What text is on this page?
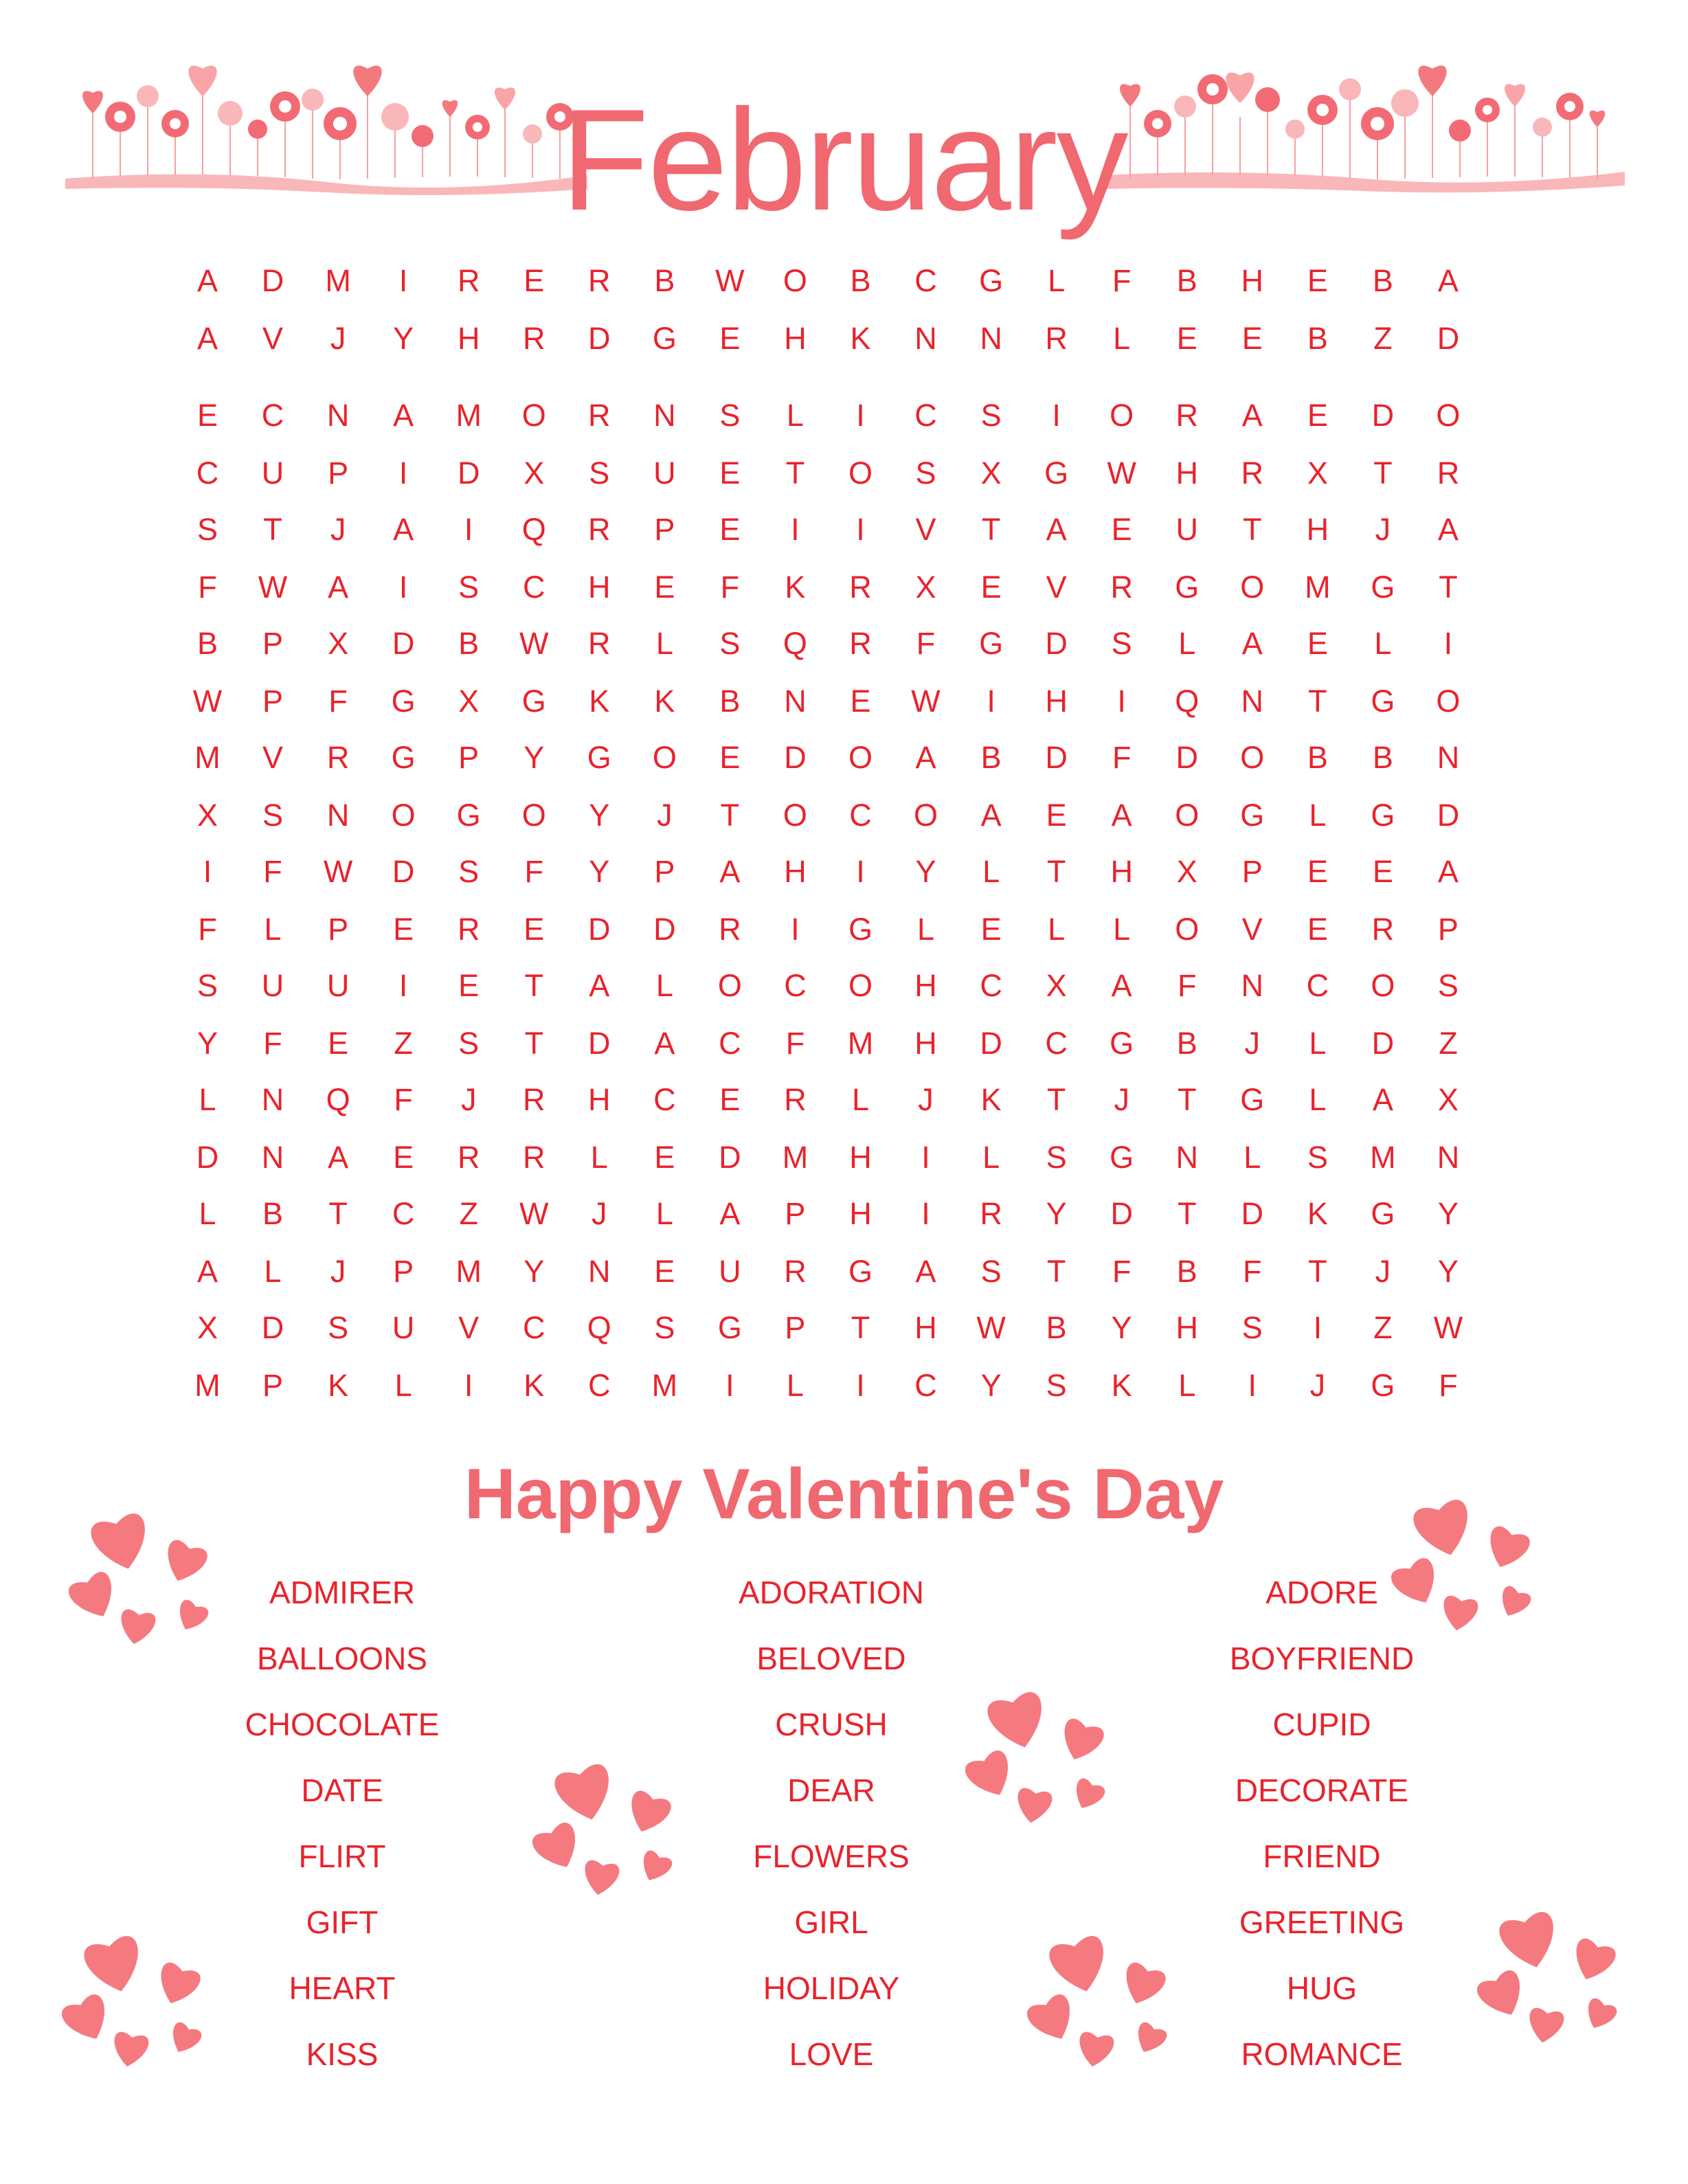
February
A	D	M	I	R	E	R	B	W	O	B	C	G	L	F	B	H	E	B	A
A	V	J	Y	H	R	D	G	E	H	K	N	N	R	L	E	E	B	Z	D
E	C	N	A	M	O	R	N	S	L	I	C	S	I	O	R	A	E	D	O
C	U	P	I	D	X	S	U	E	T	O	S	X	G	W	H	R	X	T	R
S	T	J	A	I	Q	R	P	E	I	I	V	T	A	E	U	T	H	J	A
F	W	A	I	S	C	H	E	F	K	R	X	E	V	R	G	O	M	G	T
B	P	X	D	B	W	R	L	S	Q	R	F	G	D	S	L	A	E	L	I
W	P	F	G	X	G	K	K	B	N	E	W	I	H	I	Q	N	T	G	O
M	V	R	G	P	Y	G	O	E	D	O	A	B	D	F	D	O	B	B	N
X	S	N	O	G	O	Y	J	T	O	C	O	A	E	A	O	G	L	G	D
I	F	W	D	S	F	Y	P	A	H	I	Y	L	T	H	X	P	E	E	A
F	L	P	E	R	E	D	D	R	I	G	L	E	L	L	O	V	E	R	P
S	U	U	I	E	T	A	L	O	C	O	H	C	X	A	F	N	C	O	S
Y	F	E	Z	S	T	D	A	C	F	M	H	D	C	G	B	J	L	D	Z
L	N	Q	F	J	R	H	C	E	R	L	J	K	T	J	T	G	L	A	X
D	N	A	E	R	R	L	E	D	M	H	I	L	S	G	N	L	S	M	N
L	B	T	C	Z	W	J	L	A	P	H	I	R	Y	D	T	D	K	G	Y
A	L	J	P	M	Y	N	E	U	R	G	A	S	T	F	B	F	T	J	Y
X	D	S	U	V	C	Q	S	G	P	T	H	W	B	Y	H	S	I	Z	W
M	P	K	L	I	K	C	M	I	L	I	C	Y	S	K	L	I	J	G	F
Happy Valentine's Day
ADMIRER
BALLOONS
CHOCOLATE
DATE
FLIRT
GIFT
HEART
KISS
ADORATION
BELOVED
CRUSH
DEAR
FLOWERS
GIRL
HOLIDAY
LOVE
ADORE
BOYFRIEND
CUPID
DECORATE
FRIEND
GREETING
HUG
ROMANCE
